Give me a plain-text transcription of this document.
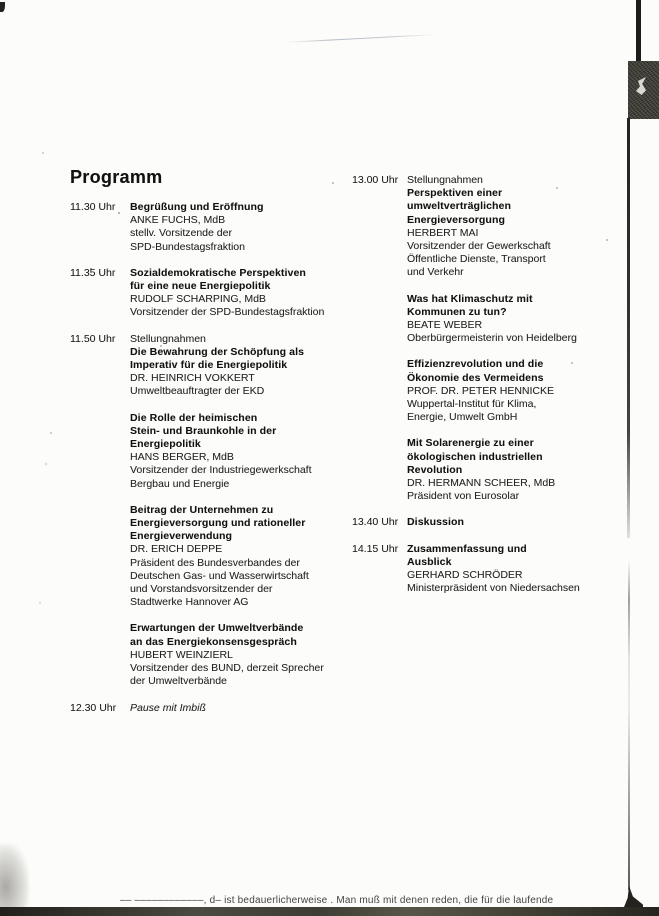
Programm
11.30 Uhr	Begrüßung und Eröffnung
ANKE FUCHS, MdB
stellv. Vorsitzende der
SPD-Bundestagsfraktion
11.35 Uhr	Sozialdemokratische Perspektiven
für eine neue Energiepolitik
RUDOLF SCHARPING, MdB
Vorsitzender der SPD-Bundestagsfraktion
11.50 Uhr	Stellungnahmen
Die Bewahrung der Schöpfung als
Imperativ für die Energiepolitik
DR. HEINRICH VOKKERT
Umweltbeauftragter der EKD
Die Rolle der heimischen
Stein- und Braunkohle in der
Energiepolitik
HANS BERGER, MdB
Vorsitzender der Industriegewerkschaft
Bergbau und Energie
Beitrag der Unternehmen zu
Energieversorgung und rationeller
Energieverwendung
DR. ERICH DEPPE
Präsident des Bundesverbandes der
Deutschen Gas- und Wasserwirtschaft
und Vorstandsvorsitzender der
Stadtwerke Hannover AG
Erwartungen der Umweltverbände
an das Energiekonsensgespräch
HUBERT WEINZIERL
Vorsitzender des BUND, derzeit Sprecher
der Umweltverbände
12.30 Uhr	Pause mit Imbiß
13.00 Uhr Stellungnahmen
Perspektiven einer
umweltverträglichen
Energieversorgung
HERBERT MAI
Vorsitzender der Gewerkschaft
Öffentliche Dienste, Transport
und Verkehr
Was hat Klimaschutz mit
Kommunen zu tun?
BEATE WEBER
Oberbürgermeisterin von Heidelberg
Effizienzrevolution und die
Ökonomie des Vermeidens
PROF. DR. PETER HENNICKE
Wuppertal-Institut für Klima,
Energie, Umwelt GmbH
Mit Solarenergie zu einer
ökologischen industriellen
Revolution
DR. HERMANN SCHEER, MdB
Präsident von Eurosolar
13.40 Uhr Diskussion
14.15 Uhr Zusammenfassung und
Ausblick
GERHARD SCHRÖDER
Ministerpräsident von Niedersachsen
–– ––––––––––––, d– ist bedauerlicherweise . Man muß mit denen reden, die für die laufende
